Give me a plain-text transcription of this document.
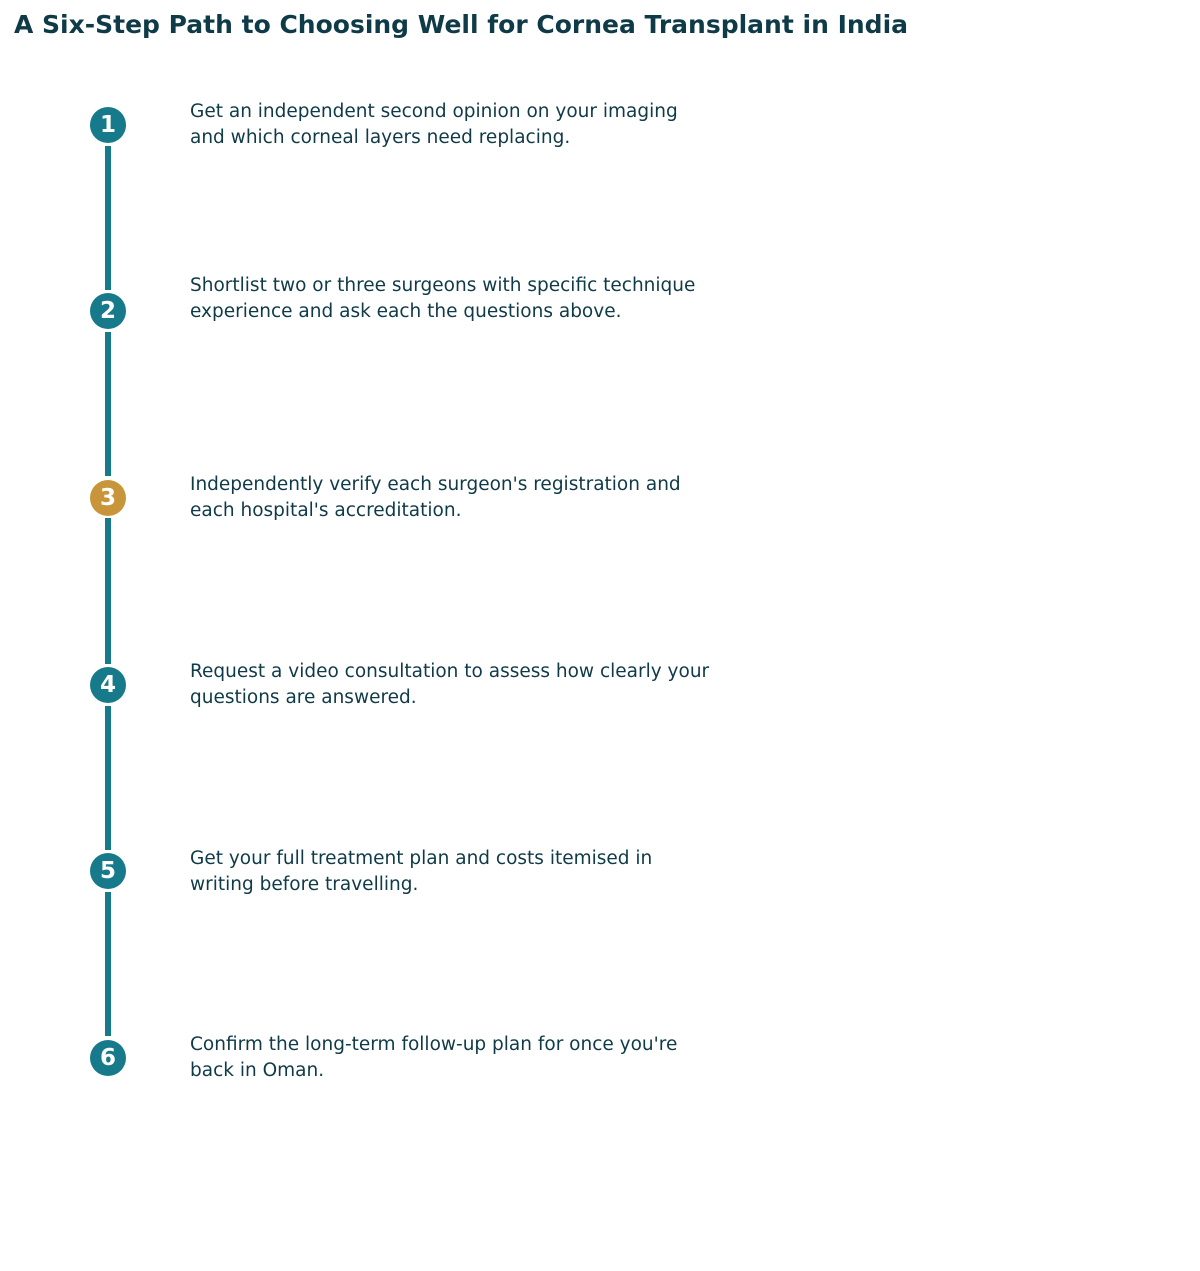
A Six-Step Path to Choosing Well for Cornea Transplant in India
1

Get an independent second opinion on your imaging and which corneal layers need replacing.

2

Shortlist two or three surgeons with specific technique experience and ask each the questions above.

3

Independently verify each surgeon's registration and each hospital's accreditation.

4

Request a video consultation to assess how clearly your questions are answered.

5	Get your full treatment plan and costs itemised in writing before travelling.

6

Confirm the long-term follow-up plan for once you're back in Oman.
